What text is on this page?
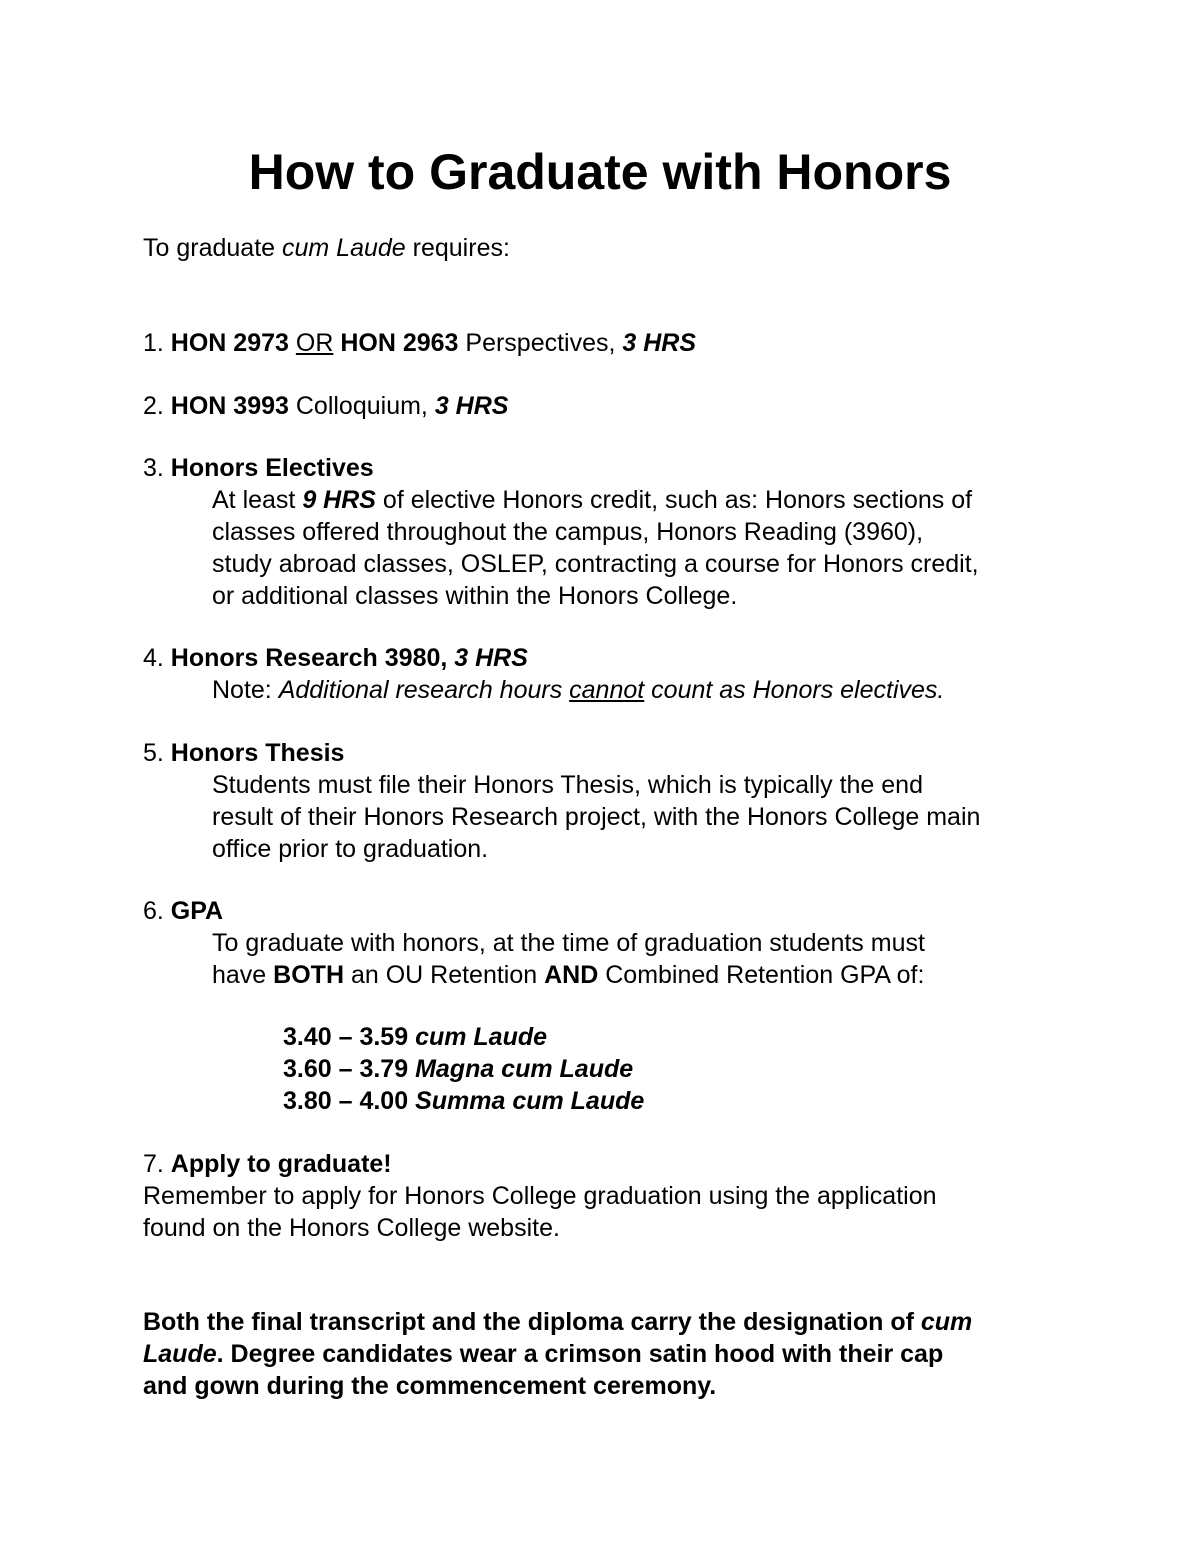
How to Graduate with Honors

To graduate cum Laude requires:

1. HON 2973 OR HON 2963 Perspectives, 3 HRS

2. HON 3993 Colloquium, 3 HRS

3. Honors Electives

At least 9 HRS of elective Honors credit, such as: Honors sections of

classes offered throughout the campus, Honors Reading (3960),

study abroad classes, OSLEP, contracting a course for Honors credit,

or additional classes within the Honors College.

4. Honors Research 3980, 3 HRS

Note: Additional research hours cannot count as Honors electives.

5. Honors Thesis

Students must file their Honors Thesis, which is typically the end

result of their Honors Research project, with the Honors College main

office prior to graduation.

6. GPA

To graduate with honors, at the time of graduation students must

have BOTH an OU Retention AND Combined Retention GPA of:

3.40 – 3.59 cum Laude

3.60 – 3.79 Magna cum Laude

3.80 – 4.00 Summa cum Laude

7. Apply to graduate!

Remember to apply for Honors College graduation using the application

found on the Honors College website.

Both the final transcript and the diploma carry the designation of cum

Laude. Degree candidates wear a crimson satin hood with their cap

and gown during the commencement ceremony.
